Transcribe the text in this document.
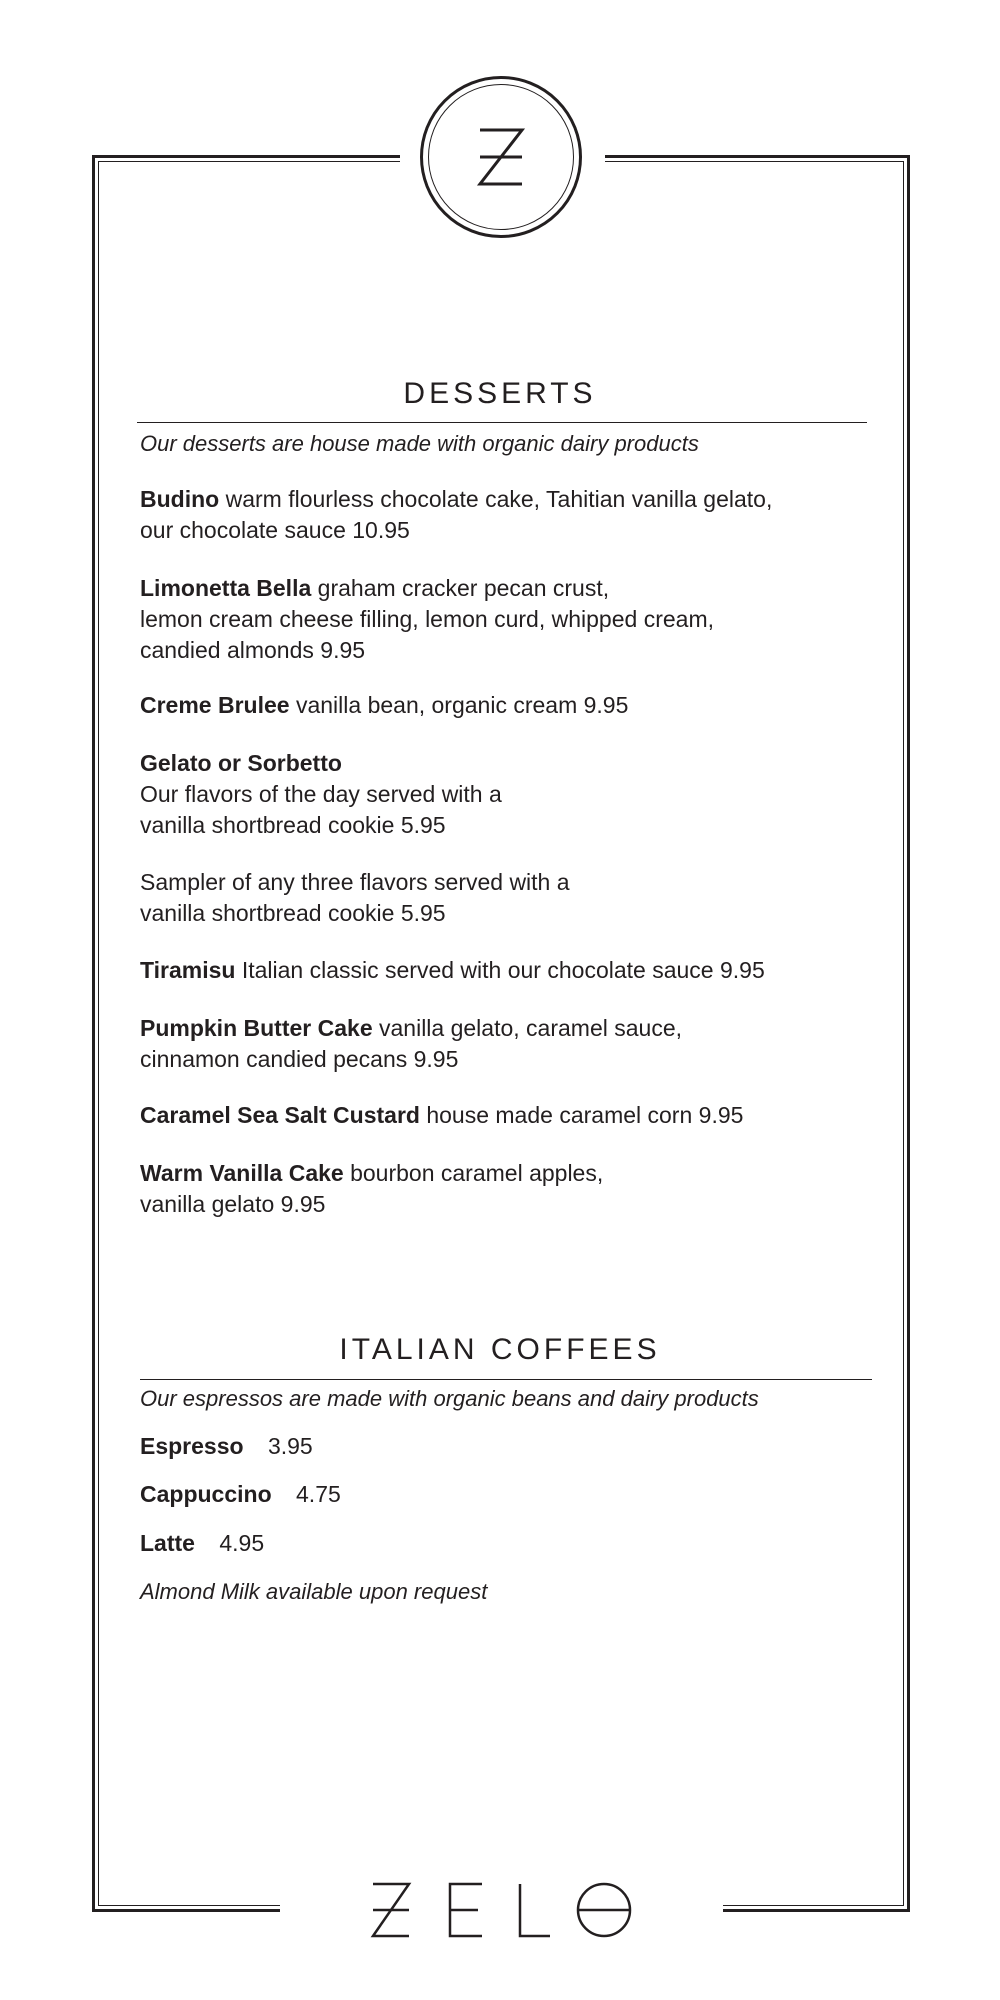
DESSERTS
Our desserts are house made with organic dairy products
Budino warm flourless chocolate cake, Tahitian vanilla gelato,
our chocolate sauce 10.95
Limonetta Bella graham cracker pecan crust,
lemon cream cheese filling, lemon curd, whipped cream,
candied almonds 9.95
Creme Brulee vanilla bean, organic cream 9.95
Gelato or Sorbetto
Our flavors of the day served with a
vanilla shortbread cookie 5.95
Sampler of any three flavors served with a
vanilla shortbread cookie 5.95
Tiramisu Italian classic served with our chocolate sauce 9.95
Pumpkin Butter Cake vanilla gelato, caramel sauce,
cinnamon candied pecans 9.95
Caramel Sea Salt Custard house made caramel corn 9.95
Warm Vanilla Cake bourbon caramel apples,
vanilla gelato 9.95
ITALIAN COFFEES
Our espressos are made with organic beans and dairy products
Espresso 3.95
Cappuccino 4.75
Latte 4.95
Almond Milk available upon request
